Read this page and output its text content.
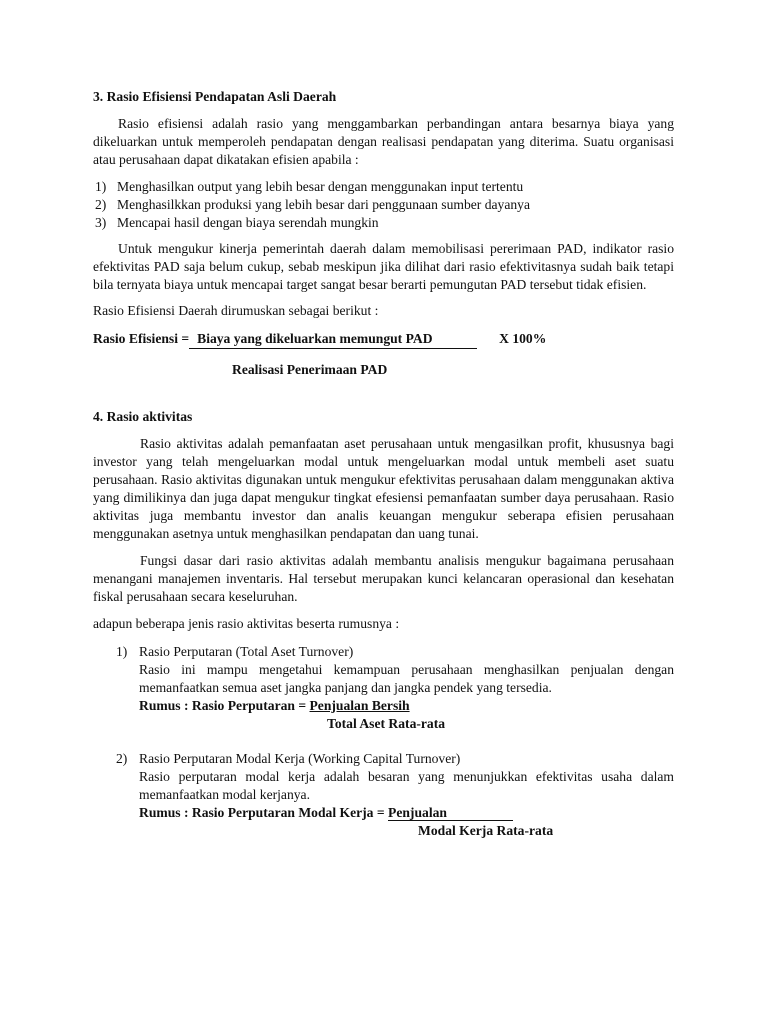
3. Rasio Efisiensi Pendapatan Asli Daerah

Rasio efisiensi adalah rasio yang menggambarkan perbandingan antara besarnya biaya yang dikeluarkan untuk memperoleh pendapatan dengan realisasi pendapatan yang diterima. Suatu organisasi atau perusahaan dapat dikatakan efisien apabila :

1) Menghasilkan output yang lebih besar dengan menggunakan input tertentu
2) Menghasilkkan produksi yang lebih besar dari penggunaan sumber dayanya
3) Mencapai hasil dengan biaya serendah mungkin

Untuk mengukur kinerja pemerintah daerah dalam memobilisasi pererimaan PAD, indikator rasio efektivitas PAD saja belum cukup, sebab meskipun jika dilihat dari rasio efektivitasnya sudah baik tetapi bila ternyata biaya untuk mencapai target sangat besar berarti pemungutan PAD tersebut tidak efisien.

Rasio Efisiensi Daerah dirumuskan sebagai berikut :

Rasio Efisiensi = Biaya yang dikeluarkan memungut PAD	X 100%
Realisasi Penerimaan PAD
4. Rasio aktivitas

Rasio aktivitas adalah pemanfaatan aset perusahaan untuk mengasilkan profit, khususnya bagi investor yang telah mengeluarkan modal untuk mengeluarkan modal untuk membeli aset suatu perusahaan. Rasio aktivitas digunakan untuk mengukur efektivitas perusahaan dalam menggunakan aktiva yang dimilikinya dan juga dapat mengukur tingkat efesiensi pemanfaatan sumber daya perusahaan. Rasio aktivitas juga membantu investor dan analis keuangan mengukur seberapa efisien perusahaan menggunakan asetnya untuk menghasilkan pendapatan dan uang tunai.

Fungsi dasar dari rasio aktivitas adalah membantu analisis mengukur bagaimana perusahaan menangani manajemen inventaris. Hal tersebut merupakan kunci kelancaran operasional dan kesehatan fiskal perusahaan secara keseluruhan.

adapun beberapa jenis rasio aktivitas beserta rumusnya :

1) Rasio Perputaran (Total Aset Turnover)
Rasio ini mampu mengetahui kemampuan perusahaan menghasilkan penjualan dengan memanfaatkan semua aset jangka panjang dan jangka pendek yang tersedia.
Rumus : Rasio Perputaran = Penjualan Bersih
Total Aset Rata-rata
2) Rasio Perputaran Modal Kerja (Working Capital Turnover)
Rasio perputaran modal kerja adalah besaran yang menunjukkan efektivitas usaha dalam memanfaatkan modal kerjanya.
Rumus : Rasio Perputaran Modal Kerja = Penjualan
Modal Kerja Rata-rata
